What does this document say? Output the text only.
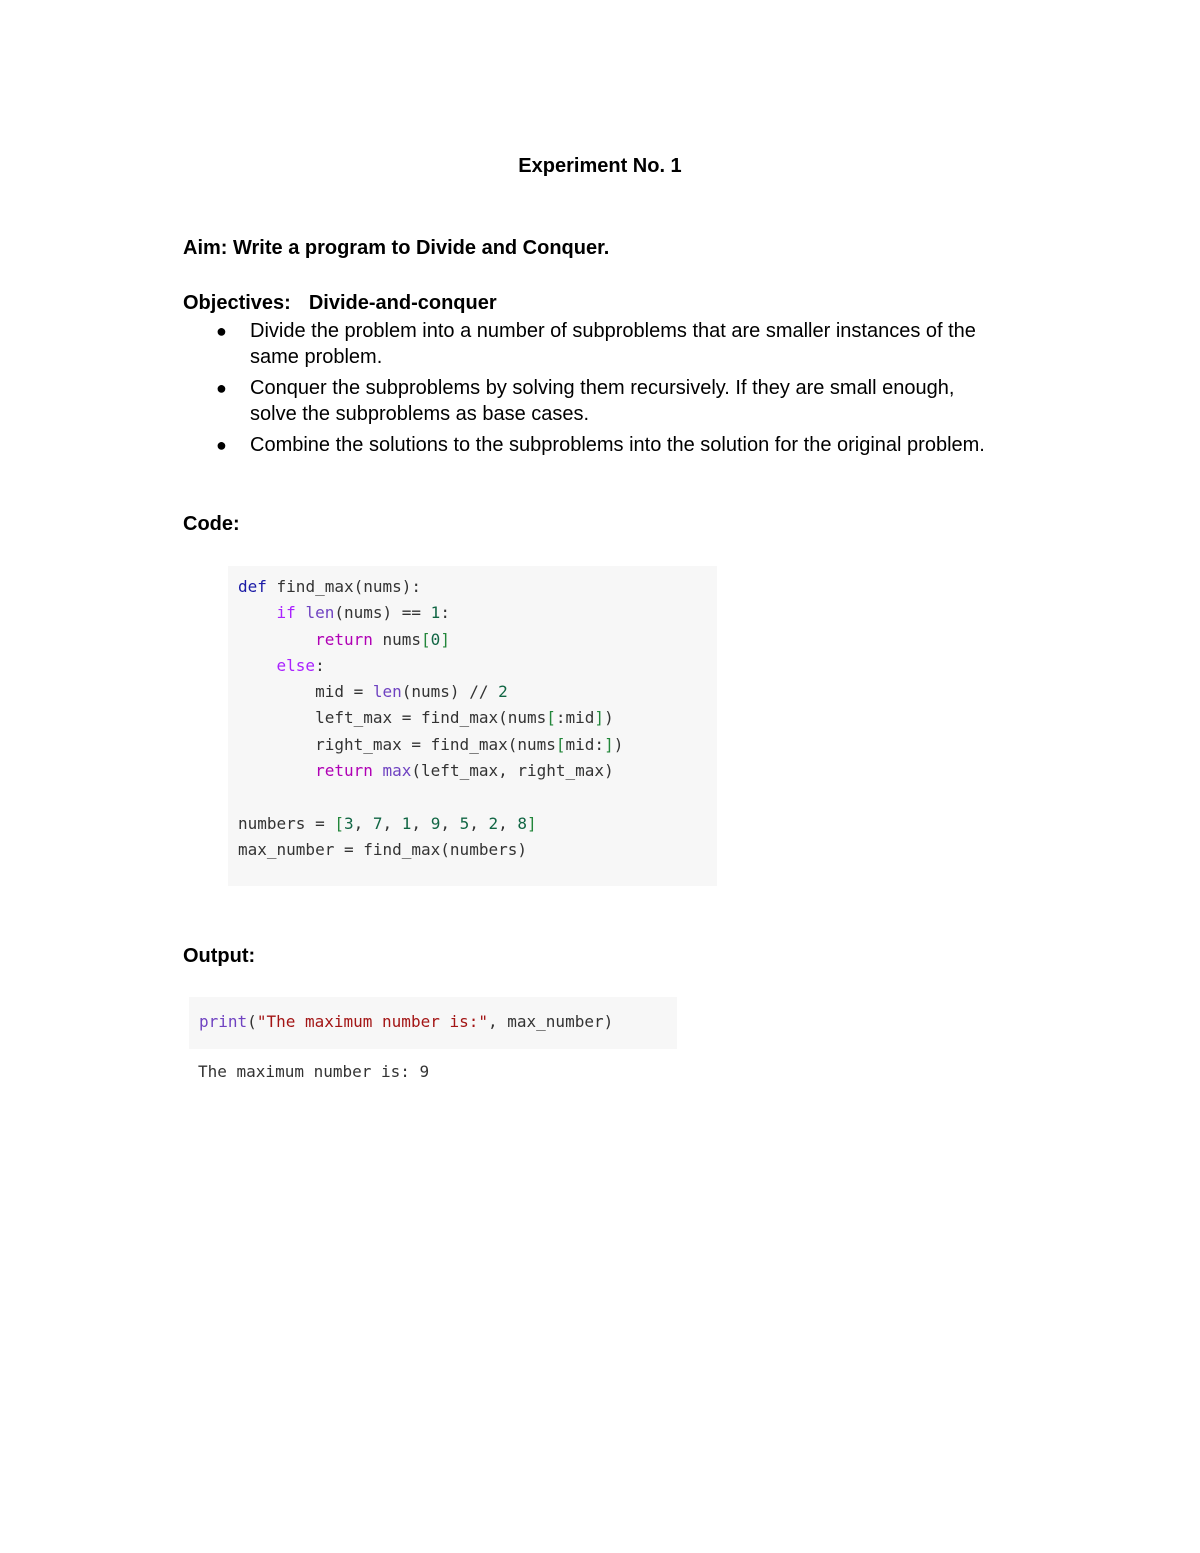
Experiment No. 1
Aim: Write a program to Divide and Conquer.
Objectives: Divide-and-conquer
● Divide the problem into a number of subproblems that are smaller instances of the same problem.
● Conquer the subproblems by solving them recursively. If they are small enough, solve the subproblems as base cases.
● Combine the solutions to the subproblems into the solution for the original problem.
Code:
def find_max(nums):
if len(nums) == 1:
return nums[0]
else:
mid = len(nums) // 2
left_max = find_max(nums[:mid])
right_max = find_max(nums[mid:])
return max(left_max, right_max)
numbers = [3, 7, 1, 9, 5, 2, 8]
max_number = find_max(numbers)
Output:
print("The maximum number is:", max_number)
The maximum number is: 9
